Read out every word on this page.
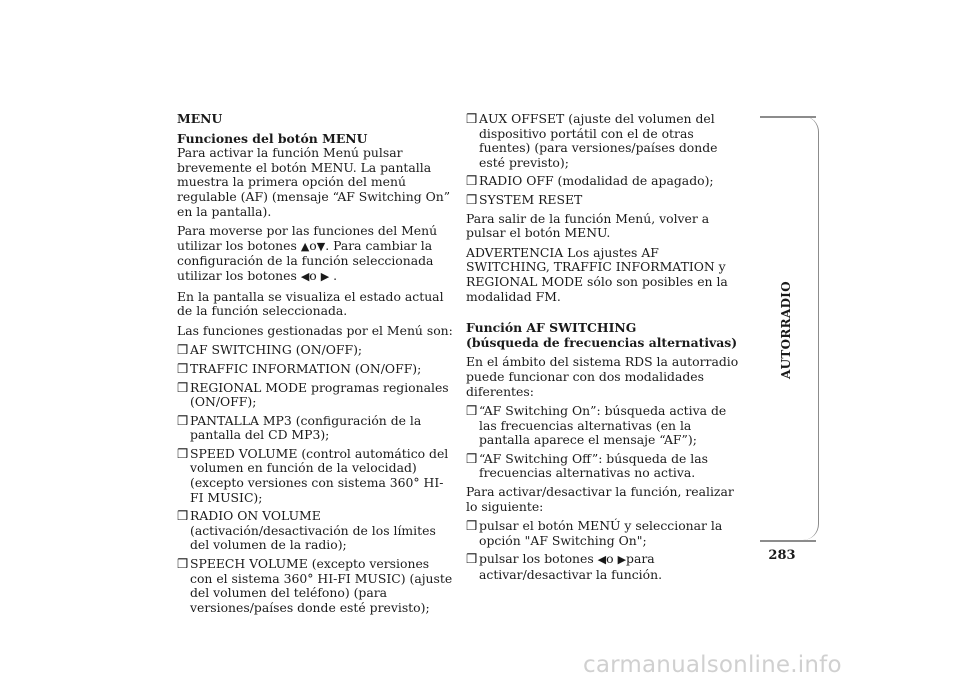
MENU
Funciones del botón MENU
Para activar la función Menú pulsar brevemente el botón MENU. La pantalla muestra la primera opción del menú regulable (AF) (mensaje “AF Switching On” en la pantalla).
Para moverse por las funciones del Menú utilizar los botones ▲o▼. Para cambiar la configuración de la función seleccionada utilizar los botones ◀o ▶ .
En la pantalla se visualiza el estado actual de la función seleccionada.
Las funciones gestionadas por el Menú son:
❒ AF SWITCHING (ON/OFF);
❒ TRAFFIC INFORMATION (ON/OFF);
❒ REGIONAL MODE programas regionales (ON/OFF);
❒ PANTALLA MP3 (configuración de la pantalla del CD MP3);
❒ SPEED VOLUME (control automático del volumen en función de la velocidad) (excepto versiones con sistema 360° HI-FI MUSIC);
❒ RADIO ON VOLUME (activación/desactivación de los límites del volumen de la radio);
❒ SPEECH VOLUME (excepto versiones con el sistema 360° HI-FI MUSIC) (ajuste del volumen del teléfono) (para versiones/países donde esté previsto);
❒ AUX OFFSET (ajuste del volumen del dispositivo portátil con el de otras fuentes) (para versiones/países donde esté previsto);
❒ RADIO OFF (modalidad de apagado);
❒ SYSTEM RESET
Para salir de la función Menú, volver a pulsar el botón MENU.
ADVERTENCIA Los ajustes AF SWITCHING, TRAFFIC INFORMATION y REGIONAL MODE sólo son posibles en la modalidad FM.
Función AF SWITCHING
(búsqueda de frecuencias alternativas)
En el ámbito del sistema RDS la autorradio puede funcionar con dos modalidades diferentes:
❒ “AF Switching On”: búsqueda activa de las frecuencias alternativas (en la pantalla aparece el mensaje “AF”);
❒ “AF Switching Off”: búsqueda de las frecuencias alternativas no activa.
Para activar/desactivar la función, realizar lo siguiente:
❒ pulsar el botón MENÚ y seleccionar la opción "AF Switching On";
❒ pulsar los botones ◀o ▶para activar/desactivar la función.
AUTORRADIO
283
carmanualsonline.info
